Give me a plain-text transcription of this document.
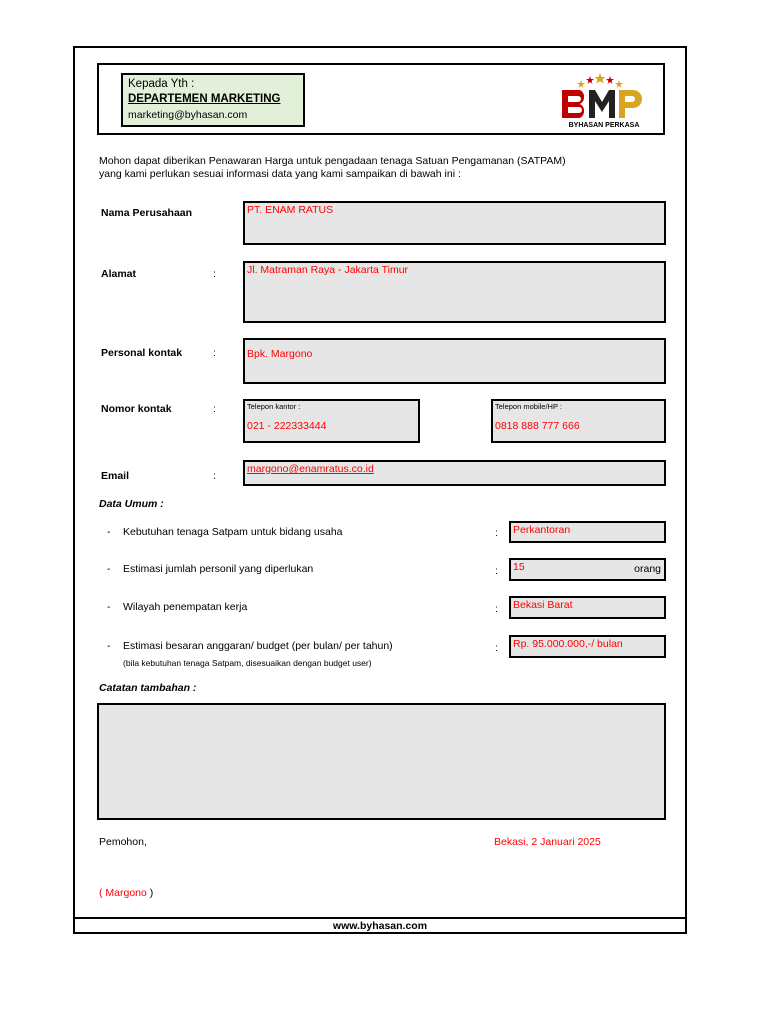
Kepada Yth :
DEPARTEMEN MARKETING
marketing@byhasan.com
BYHASAN PERKASA
Mohon dapat diberikan Penawaran Harga untuk pengadaan tenaga Satuan Pengamanan (SATPAM)
yang kami perlukan sesuai informasi data yang kami sampaikan di bawah ini :
Nama Perusahaan	PT. ENAM RATUS
Alamat	:	Jl. Matraman Raya - Jakarta Timur
Personal kontak	:	Bpk. Margono
Nomor kontak	:	Telepon kantor :
021 - 222333444
Telepon mobile/HP :
0818 888 777 666
Email	:
margono@enamratus.co.id
Data Umum :
- Kebutuhan tenaga Satpam untuk bidang usaha	:	Perkantoran
- Estimasi jumlah personil yang diperlukan	:	15	orang
- Wilayah penempatan kerja	:	Bekasi Barat
- Estimasi besaran anggaran/ budget (per bulan/ per tahun)
(bila kebutuhan tenaga Satpam, disesuaikan dengan budget user)
:	Rp. 95.000.000,-/ bulan
Catatan tambahan :
Pemohon,	Bekasi, 2 Januari 2025
( Margono )
www.byhasan.com
